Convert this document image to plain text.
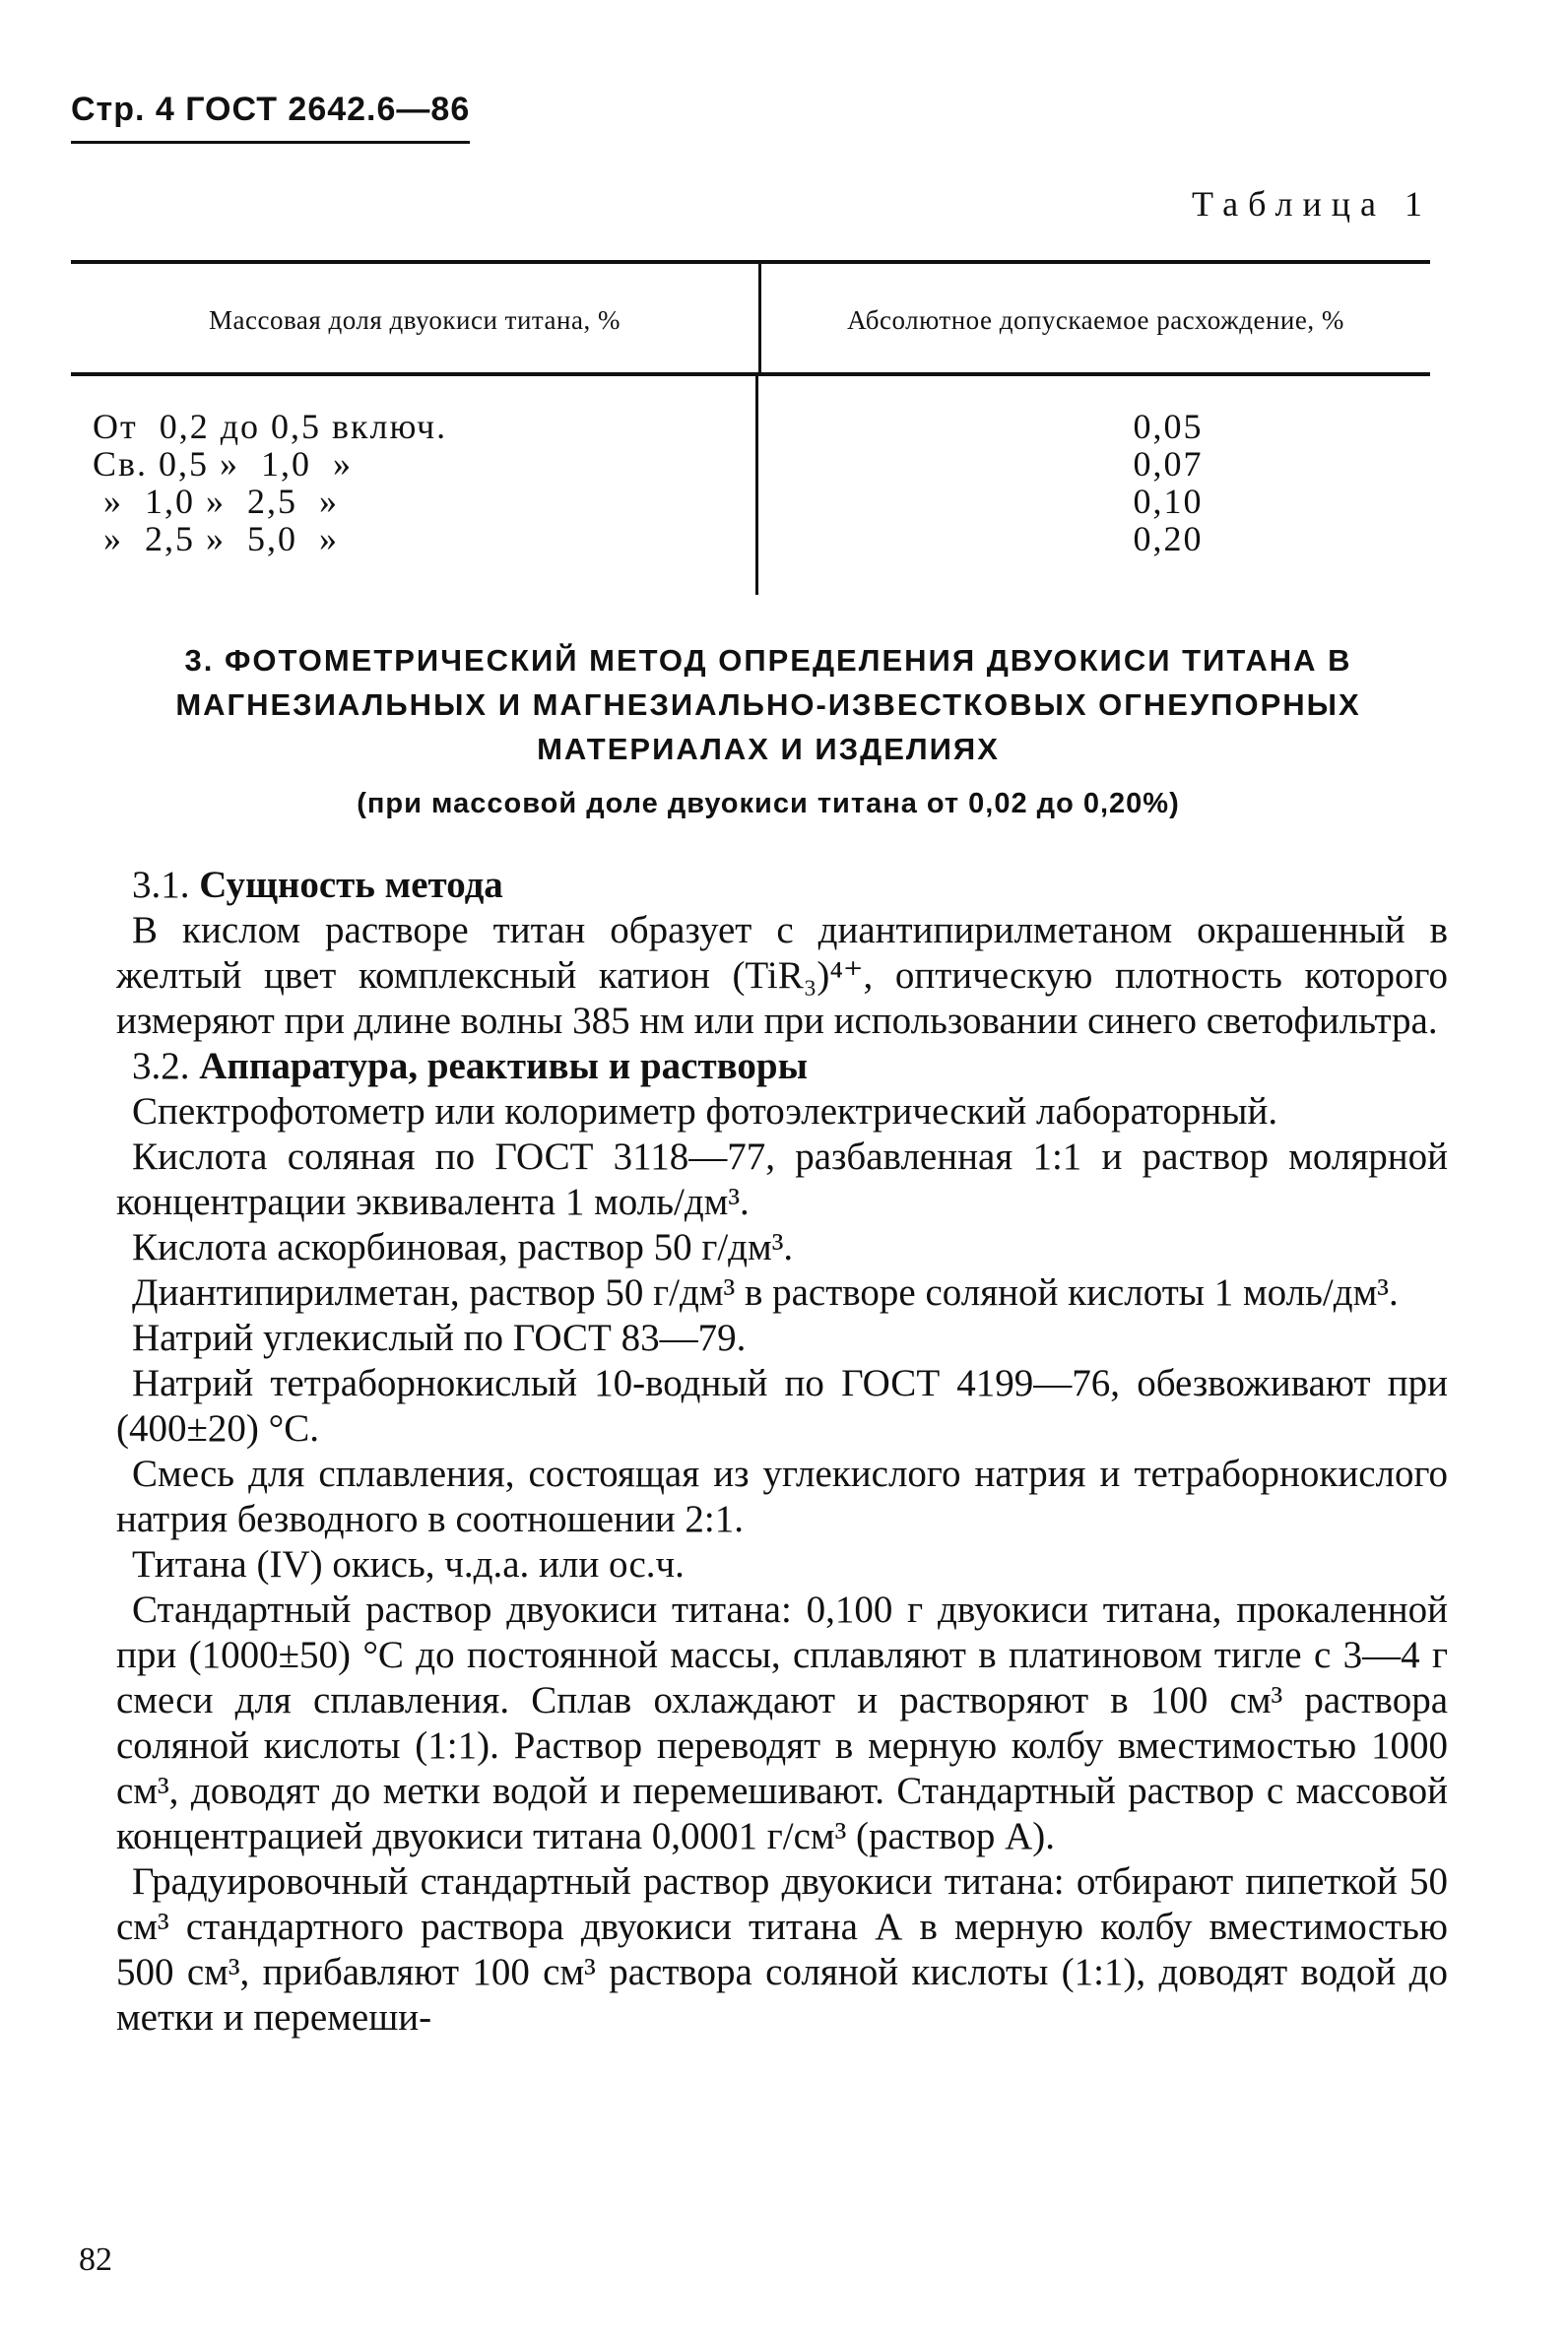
Стр. 4 ГОСТ 2642.6—86
Таблица 1
Массовая доля двуокиси титана, %	Абсолютное допускаемое расхождение, %
От  0,2 до 0,5 включ.
Св. 0,5 »  1,0  »
»  1,0 »  2,5  »
»  2,5 »  5,0  »
0,05
0,07
0,10
0,20
3. ФОТОМЕТРИЧЕСКИЙ МЕТОД ОПРЕДЕЛЕНИЯ ДВУОКИСИ ТИТАНА В
МАГНЕЗИАЛЬНЫХ И МАГНЕЗИАЛЬНО-ИЗВЕСТКОВЫХ ОГНЕУПОРНЫХ
МАТЕРИАЛАХ И ИЗДЕЛИЯХ
(при массовой доле двуокиси титана от 0,02 до 0,20%)

3.1. Сущность метода

В кислом растворе титан образует с диантипирилметаном окрашенный в желтый цвет комплексный катион (TiR₃)⁴⁺, оптическую плотность которого измеряют при длине волны 385 нм или при использовании синего светофильтра.

3.2. Аппаратура, реактивы и растворы

Спектрофотометр или колориметр фотоэлектрический лабораторный.

Кислота соляная по ГОСТ 3118—77, разбавленная 1:1 и раствор молярной концентрации эквивалента 1 моль/дм³.

Кислота аскорбиновая, раствор 50 г/дм³.

Диантипирилметан, раствор 50 г/дм³ в растворе соляной кислоты 1 моль/дм³.

Натрий углекислый по ГОСТ 83—79.

Натрий тетраборнокислый 10-водный по ГОСТ 4199—76, обезвоживают при (400±20) °С.

Смесь для сплавления, состоящая из углекислого натрия и тетраборнокислого натрия безводного в соотношении 2:1.

Титана (IV) окись, ч.д.а. или ос.ч.

Стандартный раствор двуокиси титана: 0,100 г двуокиси титана, прокаленной при (1000±50) °С до постоянной массы, сплавляют в платиновом тигле с 3—4 г смеси для сплавления. Сплав охлаждают и растворяют в 100 см³ раствора соляной кислоты (1:1). Раствор переводят в мерную колбу вместимостью 1000 см³, доводят до метки водой и перемешивают. Стандартный раствор с массовой концентрацией двуокиси титана 0,0001 г/см³ (раствор А).

Градуировочный стандартный раствор двуокиси титана: отбирают пипеткой 50 см³ стандартного раствора двуокиси титана А в мерную колбу вместимостью 500 см³, прибавляют 100 см³ раствора соляной кислоты (1:1), доводят водой до метки и перемеши-

82
